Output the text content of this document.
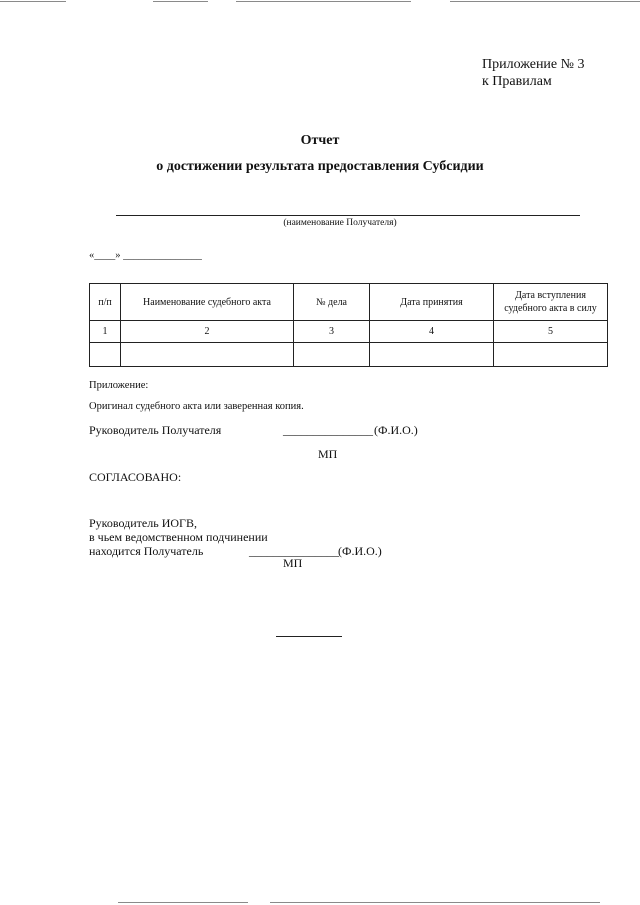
Приложение № 3
к Правилам
Отчет
о достижении результата предоставления Субсидии
(наименование Получателя)
«____» _______________
п/п	Наименование судебного акта	№ дела	Дата принятия	Дата вступления судебного акта в силу
1	2	3	4	5

Приложение:
Оригинал судебного акта или заверенная копия.
Руководитель Получателя	_______________ (Ф.И.О.)
МП
СОГЛАСОВАНО:
Руководитель ИОГВ,
в чьем ведомственном подчинении
находится Получатель	_______________ (Ф.И.О.)
МП
